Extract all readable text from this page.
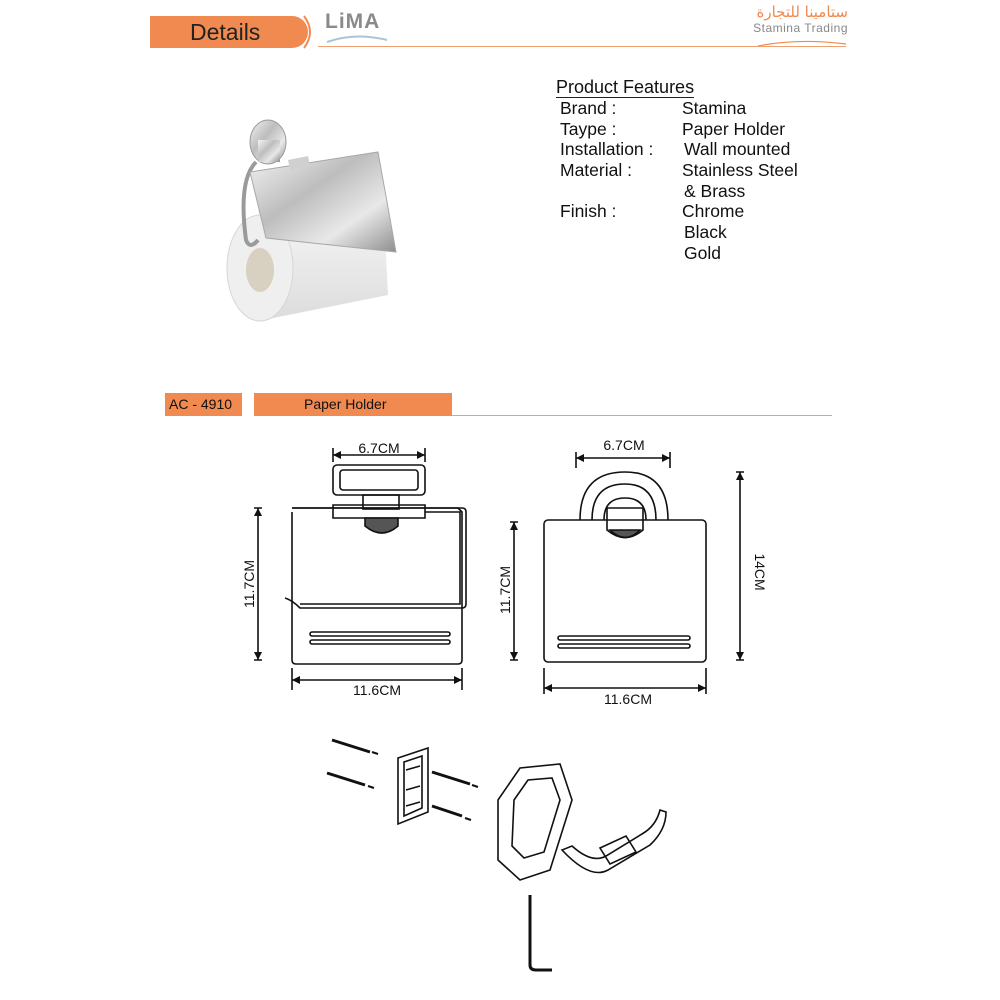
Details	LiMA	ستامينا للتجارة
Stamina Trading
Product Features
Brand :	Stamina
Taype :	Paper Holder
Installation : Wall mounted
Material :	Stainless Steel
& Brass
Finish :	Chrome
Black
Gold
AC - 4910	Paper Holder
6.7CM
11.7CM
11.6CM
6.7CM
11.7CM	14CM
11.6CM
